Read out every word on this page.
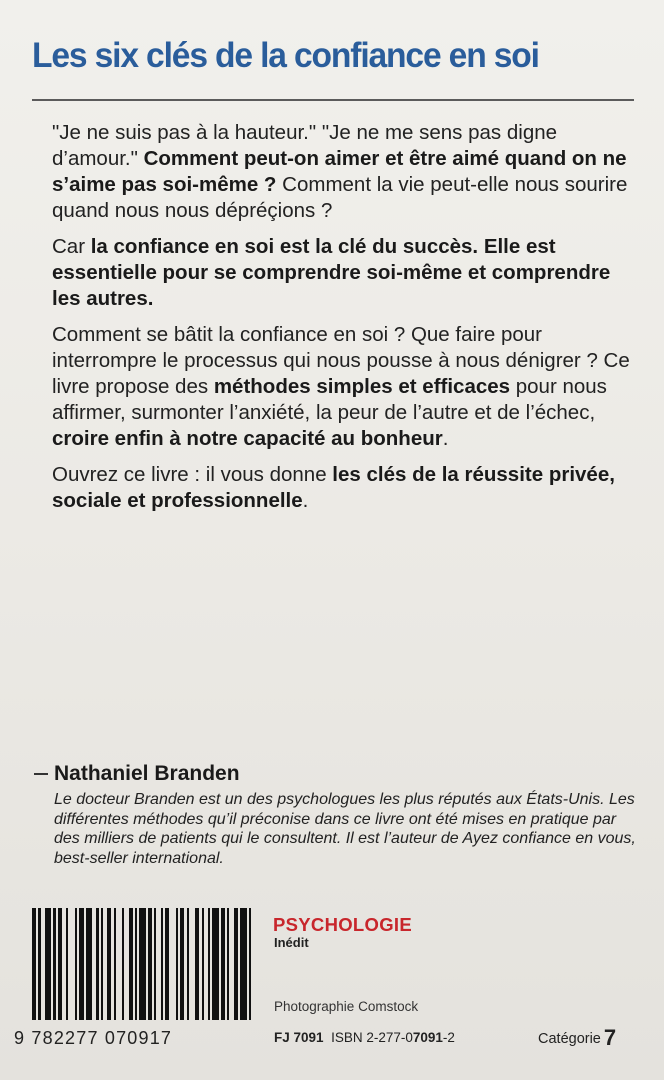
Les six clés de la confiance en soi

"Je ne suis pas à la hauteur." "Je ne me sens pas digne d’amour." Comment peut-on aimer et être aimé quand on ne s’aime pas soi-même ? Comment la vie peut-elle nous sourire quand nous nous dépréçions ?

Car la confiance en soi est la clé du succès. Elle est essentielle pour se comprendre soi-même et comprendre les autres.

Comment se bâtit la confiance en soi ? Que faire pour interrompre le processus qui nous pousse à nous dénigrer ? Ce livre propose des méthodes simples et efficaces pour nous affirmer, surmonter l’anxiété, la peur de l’autre et de l’échec, croire enfin à notre capacité au bonheur.

Ouvrez ce livre : il vous donne les clés de la réussite privée, sociale et professionnelle.

Nathaniel Branden
Le docteur Branden est un des psychologues les plus réputés aux États-Unis. Les différentes méthodes qu’il préconise dans ce livre ont été mises en pratique par des milliers de patients qui le consultent. Il est l’auteur de Ayez confiance en vous, best-seller international.
9 782277 070917
PSYCHOLOGIE
Inédit
Photographie Comstock
FJ 7091 ISBN 2-277-07091-2	Catégorie 7
